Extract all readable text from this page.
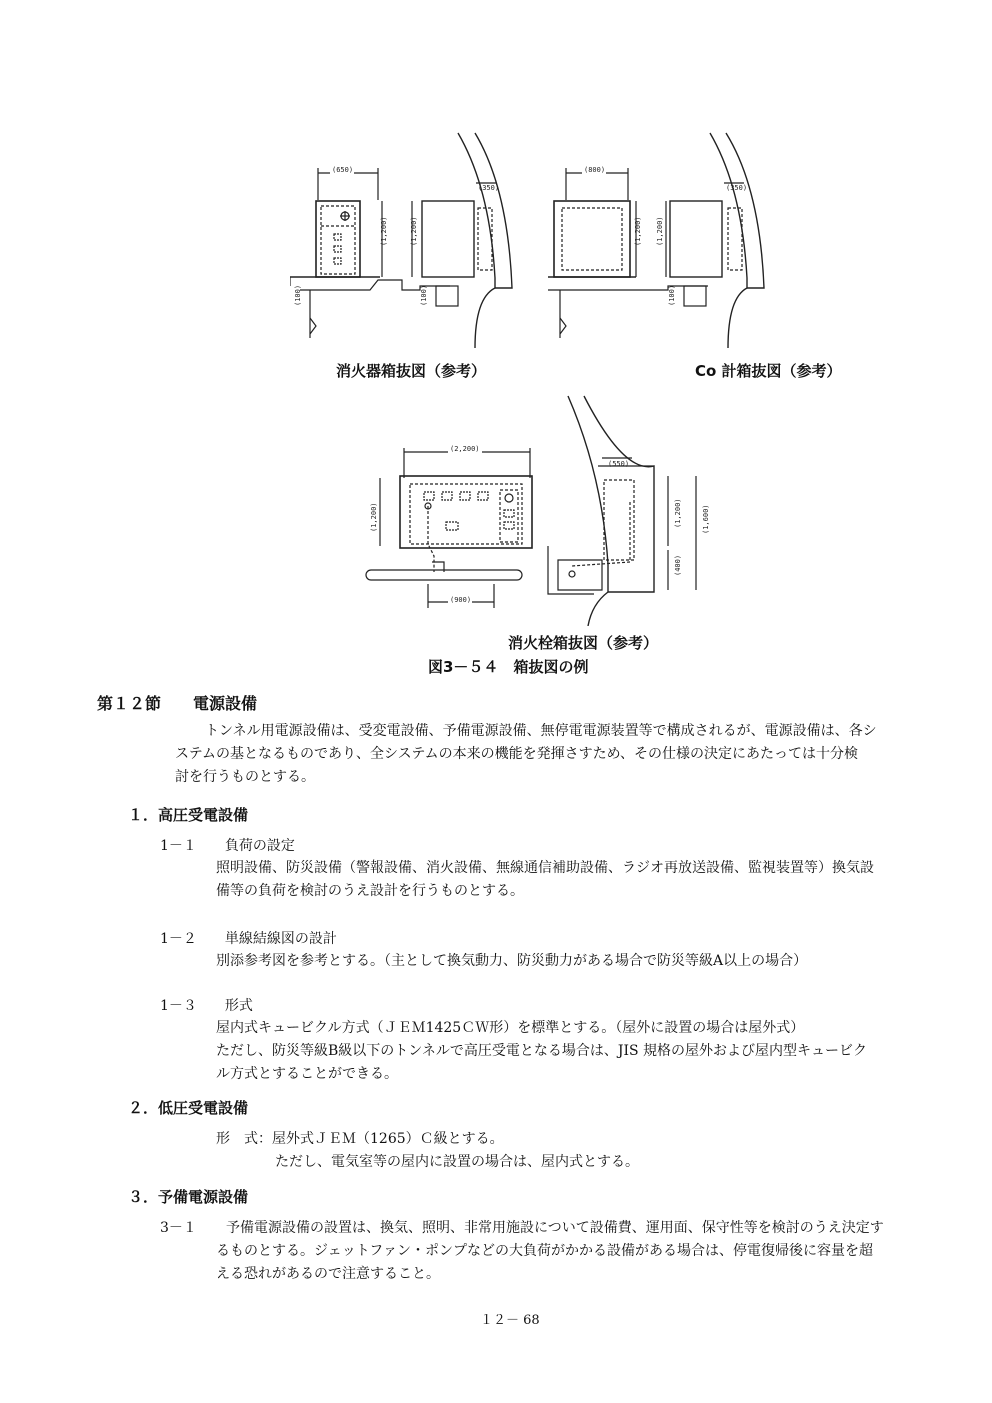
(650)
(1,200)	(1,200)
(350)
(100)	(100)
(800)
(1,200) (1,200)
(350)
(100)
消火器箱抜図（参考）	Co 計箱抜図（参考）
(2,200)
(1,200)
(900)
(550)
(1,200)	(1,600)
(400)
消火栓箱抜図（参考）
図3－５４　箱抜図の例
第１２節　　電源設備
トンネル用電源設備は、受変電設備、予備電源設備、無停電電源装置等で構成されるが、電源設備は、各シ
ステムの基となるものであり、全システムの本来の機能を発揮さすため、その仕様の決定にあたっては十分検
討を行うものとする。
１．高圧受電設備
1－１　　負荷の設定
照明設備、防災設備（警報設備、消火設備、無線通信補助設備、ラジオ再放送設備、監視装置等）換気設
備等の負荷を検討のうえ設計を行うものとする。
1－２　　単線結線図の設計
別添参考図を参考とする。（主として換気動力、防災動力がある場合で防災等級A以上の場合）
1－３　　形式
屋内式キュービクル方式（ＪＥＭ1425ＣＷ形）を標準とする。（屋外に設置の場合は屋外式）
ただし、防災等級B級以下のトンネルで高圧受電となる場合は、JIS 規格の屋外および屋内型キュービク
ル方式とすることができる。
２．低圧受電設備
形　式：屋外式ＪＥＭ（1265）Ｃ級とする。
ただし、電気室等の屋内に設置の場合は、屋内式とする。
３．予備電源設備
3－１ 予備電源設備の設置は、換気、照明、非常用施設について設備費、運用面、保守性等を検討のうえ決定す
るものとする。ジェットファン・ポンプなどの大負荷がかかる設備がある場合は、停電復帰後に容量を超
える恐れがあるので注意すること。
１２－ 68
